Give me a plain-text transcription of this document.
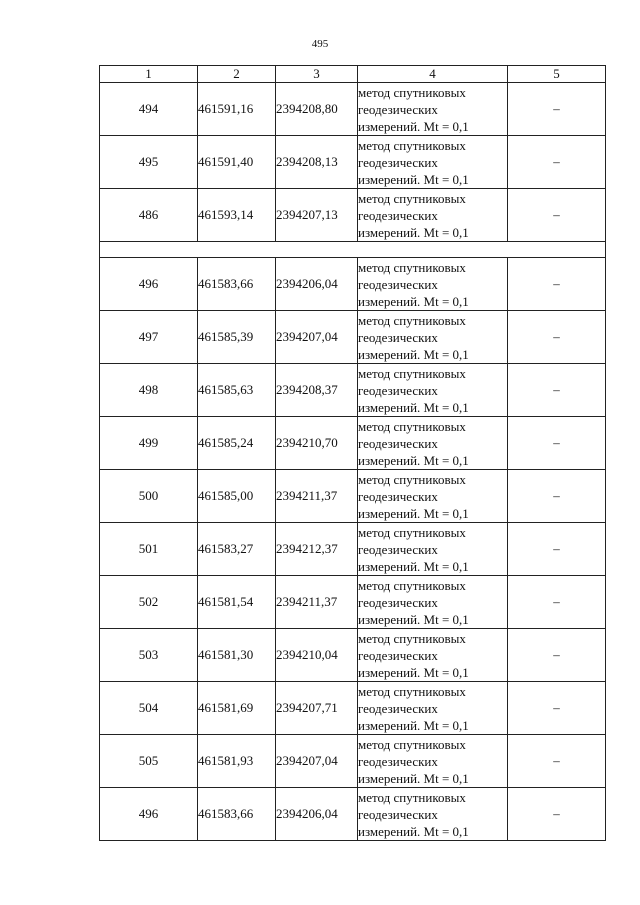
495
1	2	3	4	5
494	461591,16	2394208,80	метод спутниковых
геодезических
измерений. Mt = 0,1	–
495	461591,40	2394208,13	метод спутниковых
геодезических
измерений. Mt = 0,1	–
486	461593,14	2394207,13	метод спутниковых
геодезических
измерений. Mt = 0,1	–

496	461583,66	2394206,04	метод спутниковых
геодезических
измерений. Mt = 0,1	–
497	461585,39	2394207,04	метод спутниковых
геодезических
измерений. Mt = 0,1	–
498	461585,63	2394208,37	метод спутниковых
геодезических
измерений. Mt = 0,1	–
499	461585,24	2394210,70	метод спутниковых
геодезических
измерений. Mt = 0,1	–
500	461585,00	2394211,37	метод спутниковых
геодезических
измерений. Mt = 0,1	–
501	461583,27	2394212,37	метод спутниковых
геодезических
измерений. Mt = 0,1	–
502	461581,54	2394211,37	метод спутниковых
геодезических
измерений. Mt = 0,1	–
503	461581,30	2394210,04	метод спутниковых
геодезических
измерений. Mt = 0,1	–
504	461581,69	2394207,71	метод спутниковых
геодезических
измерений. Mt = 0,1	–
505	461581,93	2394207,04	метод спутниковых
геодезических
измерений. Mt = 0,1	–
496	461583,66	2394206,04	метод спутниковых
геодезических
измерений. Mt = 0,1	–
